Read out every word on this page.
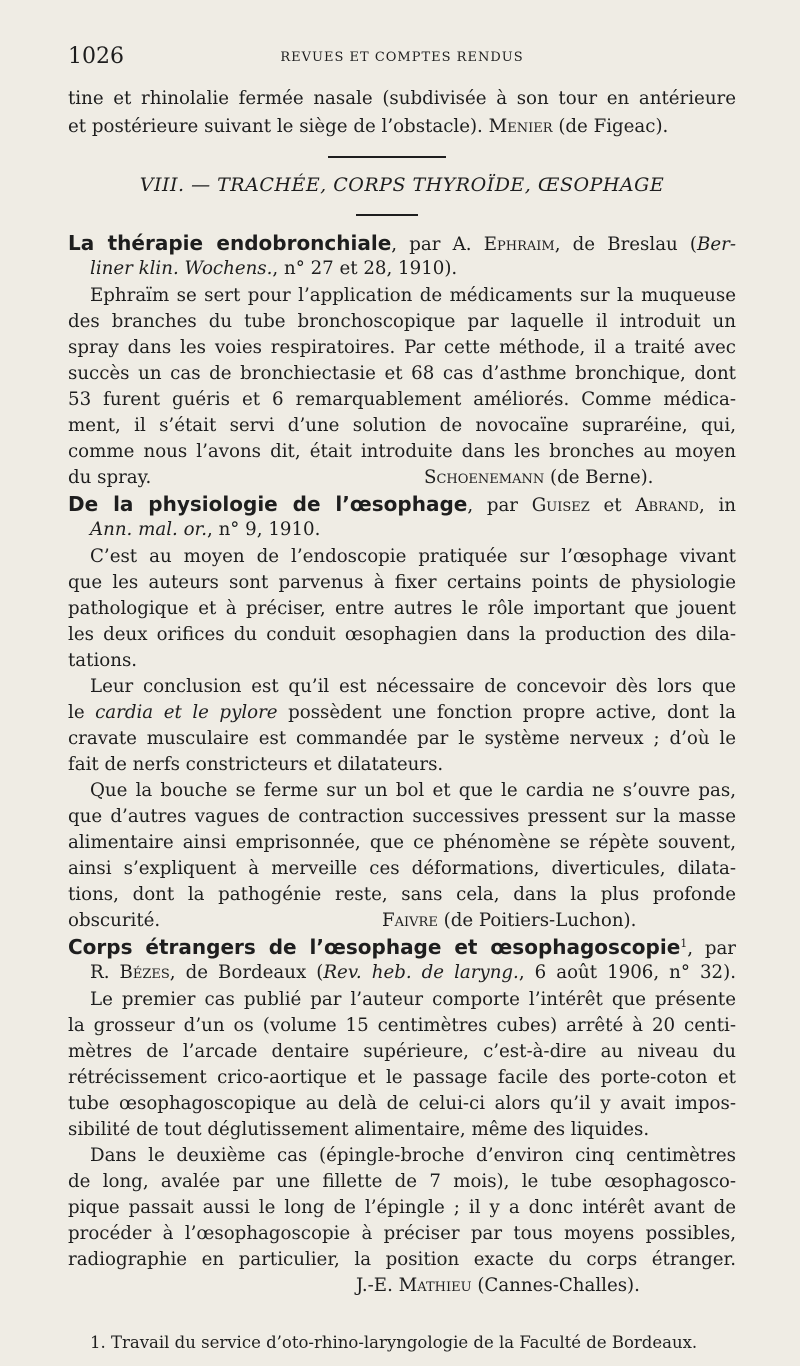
1026	REVUES ET COMPTES RENDUS
tine et rhinolalie fermée nasale (subdivisée à son tour en antérieure
et postérieure suivant le siège de l’obstacle). Menier (de Figeac).
VIII. — TRACHÉE, CORPS THYROÏDE, ŒSOPHAGE
La thérapie endobronchiale, par A. Ephraim, de Breslau (Ber-
liner klin. Wochens., n° 27 et 28, 1910).
Ephraïm se sert pour l’application de médicaments sur la muqueuse
des branches du tube bronchoscopique par laquelle il introduit un
spray dans les voies respiratoires. Par cette méthode, il a traité avec
succès un cas de bronchiectasie et 68 cas d’asthme bronchique, dont
53 furent guéris et 6 remarquablement améliorés. Comme médica-
ment, il s’était servi d’une solution de novocaïne supraréine, qui,
comme nous l’avons dit, était introduite dans les bronches au moyen
du spray.	Schoenemann (de Berne).
De la physiologie de l’œsophage, par Guisez et Abrand, in
Ann. mal. or., n° 9, 1910.
C’est au moyen de l’endoscopie pratiquée sur l’œsophage vivant
que les auteurs sont parvenus à fixer certains points de physiologie
pathologique et à préciser, entre autres le rôle important que jouent
les deux orifices du conduit œsophagien dans la production des dila-
tations.
Leur conclusion est qu’il est nécessaire de concevoir dès lors que
le cardia et le pylore possèdent une fonction propre active, dont la
cravate musculaire est commandée par le système nerveux ; d’où le
fait de nerfs constricteurs et dilatateurs.
Que la bouche se ferme sur un bol et que le cardia ne s’ouvre pas,
que d’autres vagues de contraction successives pressent sur la masse
alimentaire ainsi emprisonnée, que ce phénomène se répète souvent,
ainsi s’expliquent à merveille ces déformations, diverticules, dilata-
tions, dont la pathogénie reste, sans cela, dans la plus profonde
obscurité.	Faivre (de Poitiers-Luchon).
Corps étrangers de l’œsophage et œsophagoscopie$^1$, par
R. Bézes, de Bordeaux (Rev. heb. de laryng., 6 août 1906, n° 32).
Le premier cas publié par l’auteur comporte l’intérêt que présente
la grosseur d’un os (volume 15 centimètres cubes) arrêté à 20 centi-
mètres de l’arcade dentaire supérieure, c’est-à-dire au niveau du
rétrécissement crico-aortique et le passage facile des porte-coton et
tube œsophagoscopique au delà de celui-ci alors qu’il y avait impos-
sibilité de tout déglutissement alimentaire, même des liquides.
Dans le deuxième cas (épingle-broche d’environ cinq centimètres
de long, avalée par une fillette de 7 mois), le tube œsophagosco-
pique passait aussi le long de l’épingle ; il y a donc intérêt avant de
procéder à l’œsophagoscopie à préciser par tous moyens possibles,
radiographie en particulier, la position exacte du corps étranger.
J.-E. Mathieu (Cannes-Challes).
1. Travail du service d’oto-rhino-laryngologie de la Faculté de Bordeaux.
